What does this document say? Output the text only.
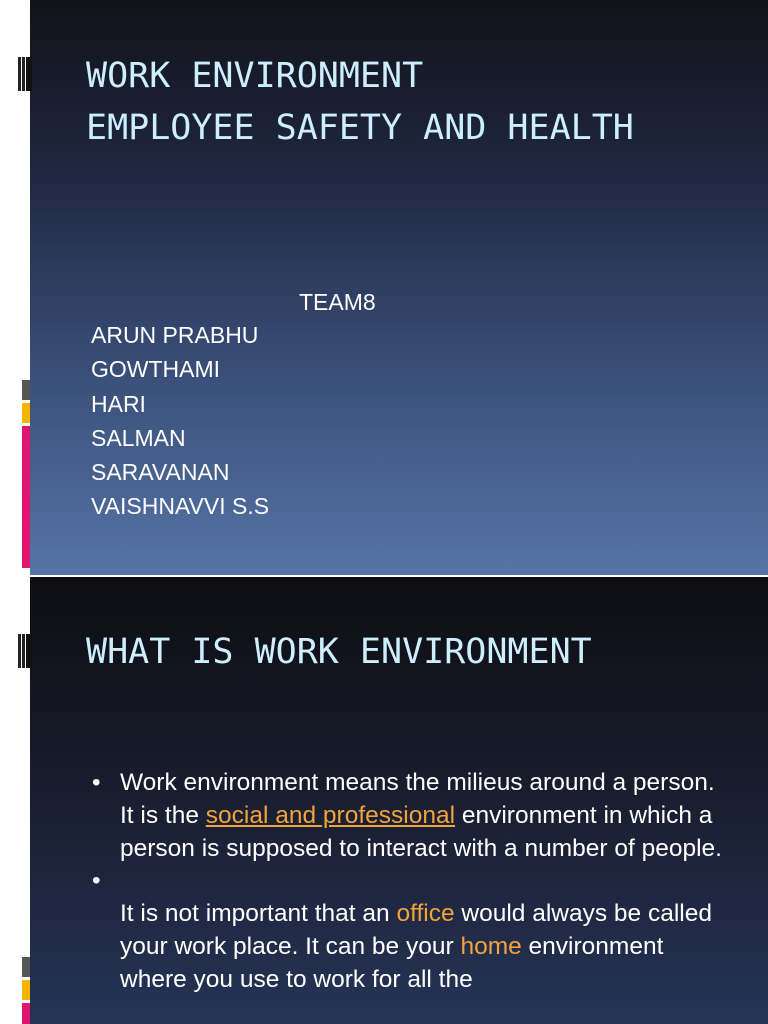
WORK ENVIRONMENT
EMPLOYEE SAFETY AND HEALTH
TEAM8
ARUN PRABHU
GOWTHAMI
HARI
SALMAN
SARAVANAN
VAISHNAVVI S.S
WHAT IS WORK ENVIRONMENT
• Work environment means the milieus around a person. It is the social and professional environment in which a person is supposed to interact with a number of people.
•

It is not important that an office would always be called your work place. It can be your home environment where you use to work for all the
